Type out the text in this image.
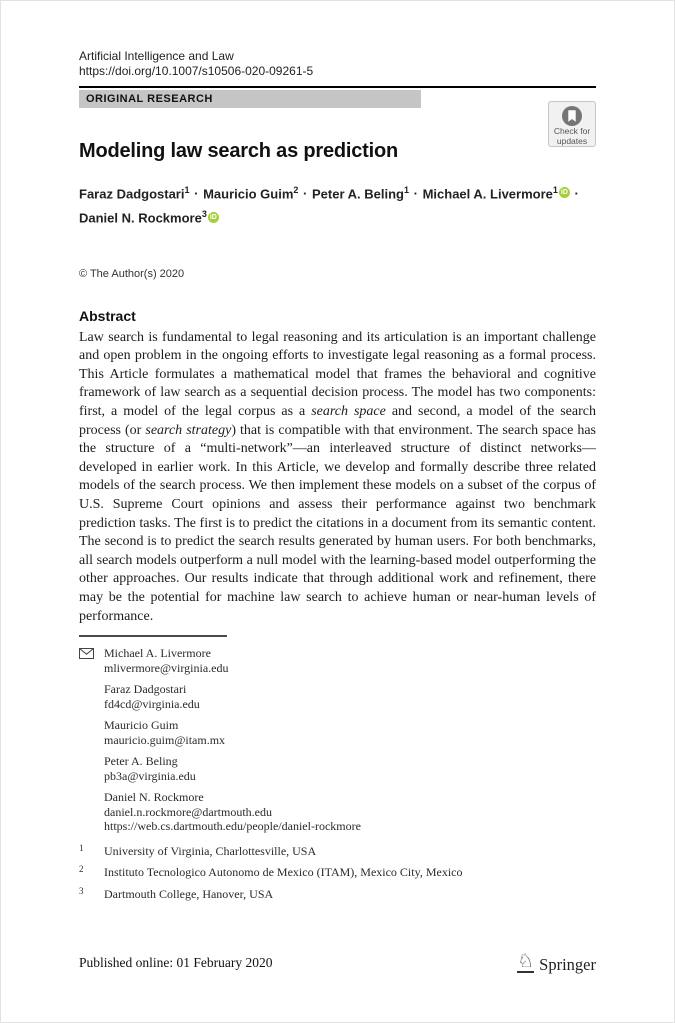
Artificial Intelligence and Law
https://doi.org/10.1007/s10506-020-09261-5
ORIGINAL RESEARCH
Check for
updates
Modeling law search as prediction
Faraz Dadgostari$^1$ · Mauricio Guim$^2$ · Peter A. Beling$^1$ · Michael A. Livermore$^1$ iD ·
Daniel N. Rockmore$^3$ iD
© The Author(s) 2020
Abstract
Law search is fundamental to legal reasoning and its articulation is an important challenge and open problem in the ongoing efforts to investigate legal reasoning as a formal process. This Article formulates a mathematical model that frames the behavioral and cognitive framework of law search as a sequential decision process. The model has two components: first, a model of the legal corpus as a search space and second, a model of the search process (or search strategy) that is compatible with that environment. The search space has the structure of a “multi-network”—an interleaved structure of distinct networks—developed in earlier work. In this Article, we develop and formally describe three related models of the search process. We then implement these models on a subset of the corpus of U.S. Supreme Court opinions and assess their performance against two benchmark prediction tasks. The first is to predict the citations in a document from its semantic content. The second is to predict the search results generated by human users. For both benchmarks, all search models outperform a null model with the learning-based model outperforming the other approaches. Our results indicate that through additional work and refinement, there may be the potential for machine law search to achieve human or near-human levels of performance.
Michael A. Livermore
mlivermore@virginia.edu
Faraz Dadgostari
fd4cd@virginia.edu
Mauricio Guim
mauricio.guim@itam.mx
Peter A. Beling
pb3a@virginia.edu
Daniel N. Rockmore
daniel.n.rockmore@dartmouth.edu
https://web.cs.dartmouth.edu/people/daniel-rockmore
1	University of Virginia, Charlottesville, USA
2	Instituto Tecnologico Autonomo de Mexico (ITAM), Mexico City, Mexico
3	Dartmouth College, Hanover, USA
Published online: 01 February 2020	♘ Springer
